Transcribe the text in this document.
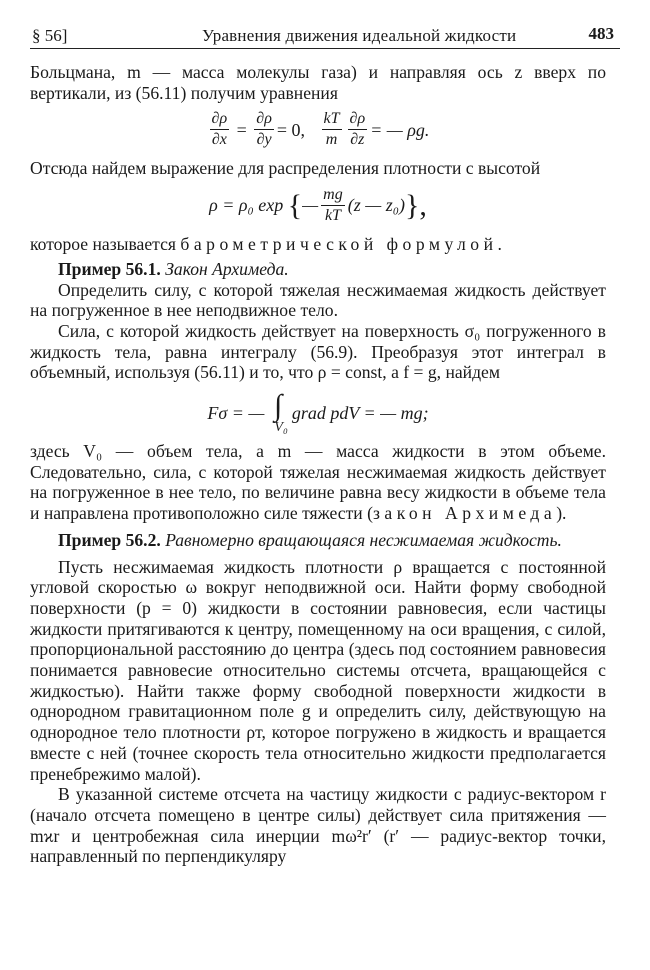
§ 56]	Уравнения движения идеальной жидкости	483

Больцмана, m — масса молекулы газа) и направляя ось z вверх по вертикали, из (56.11) получим уравнения

$\frac{\partial\rho}{\partial x} = \frac{\partial\rho}{\partial y} = 0$,
$\frac{kT}{m} \frac{\partial\rho}{\partial z}$ = — ρg.

Отсюда найдем выражение для распределения плотности с высотой

ρ = ρ₀ exp
{ — $\frac{mg}{kT} (z$ — z₀) },

которое называется барометрической формулой.

Пример 56.1. Закон Архимеда.

Определить силу, с которой тяжелая несжимаемая жидкость действует на погруженное в нее неподвижное тело.

Сила, с которой жидкость действует на поверхность σ₀ погруженного в жидкость тела, равна интегралу (56.9). Преобразуя этот интеграл в объемный, используя (56.11) и то, что ρ = const, а f = g, найдем

Fσ = — ∫
V₀
grad pdV = — mg;

здесь V₀ — объем тела, а m — масса жидкости в этом объеме. Следовательно, сила, с которой тяжелая несжимаемая жидкость действует на погруженное в нее тело, по величине равна весу жидкости в объеме тела и направлена противоположно силе тяжести (закон Архимеда).

Пример 56.2. Равномерно вращающаяся несжимаемая жидкость.

Пусть несжимаемая жидкость плотности ρ вращается с постоянной угловой скоростью ω вокруг неподвижной оси. Найти форму свободной поверхности (p = 0) жидкости в состоянии равновесия, если частицы жидкости притягиваются к центру, помещенному на оси вращения, с силой, пропорциональной расстоянию до центра (здесь под состоянием равновесия понимается равновесие относительно системы отсчета, вращающейся с жидкостью). Найти также форму свободной поверхности жидкости в однородном гравитационном поле g и определить силу, действующую на однородное тело плотности ρт, которое погружено в жидкость и вращается вместе с ней (точнее скорость тела относительно жидкости предполагается пренебрежимо малой).

В указанной системе отсчета на частицу жидкости с радиус-вектором r (начало отсчета помещено в центре силы) действует сила притяжения — mϰr и центробежная сила инерции mω²r′ (r′ — радиус-вектор точки, направленный по перпендикуляру
